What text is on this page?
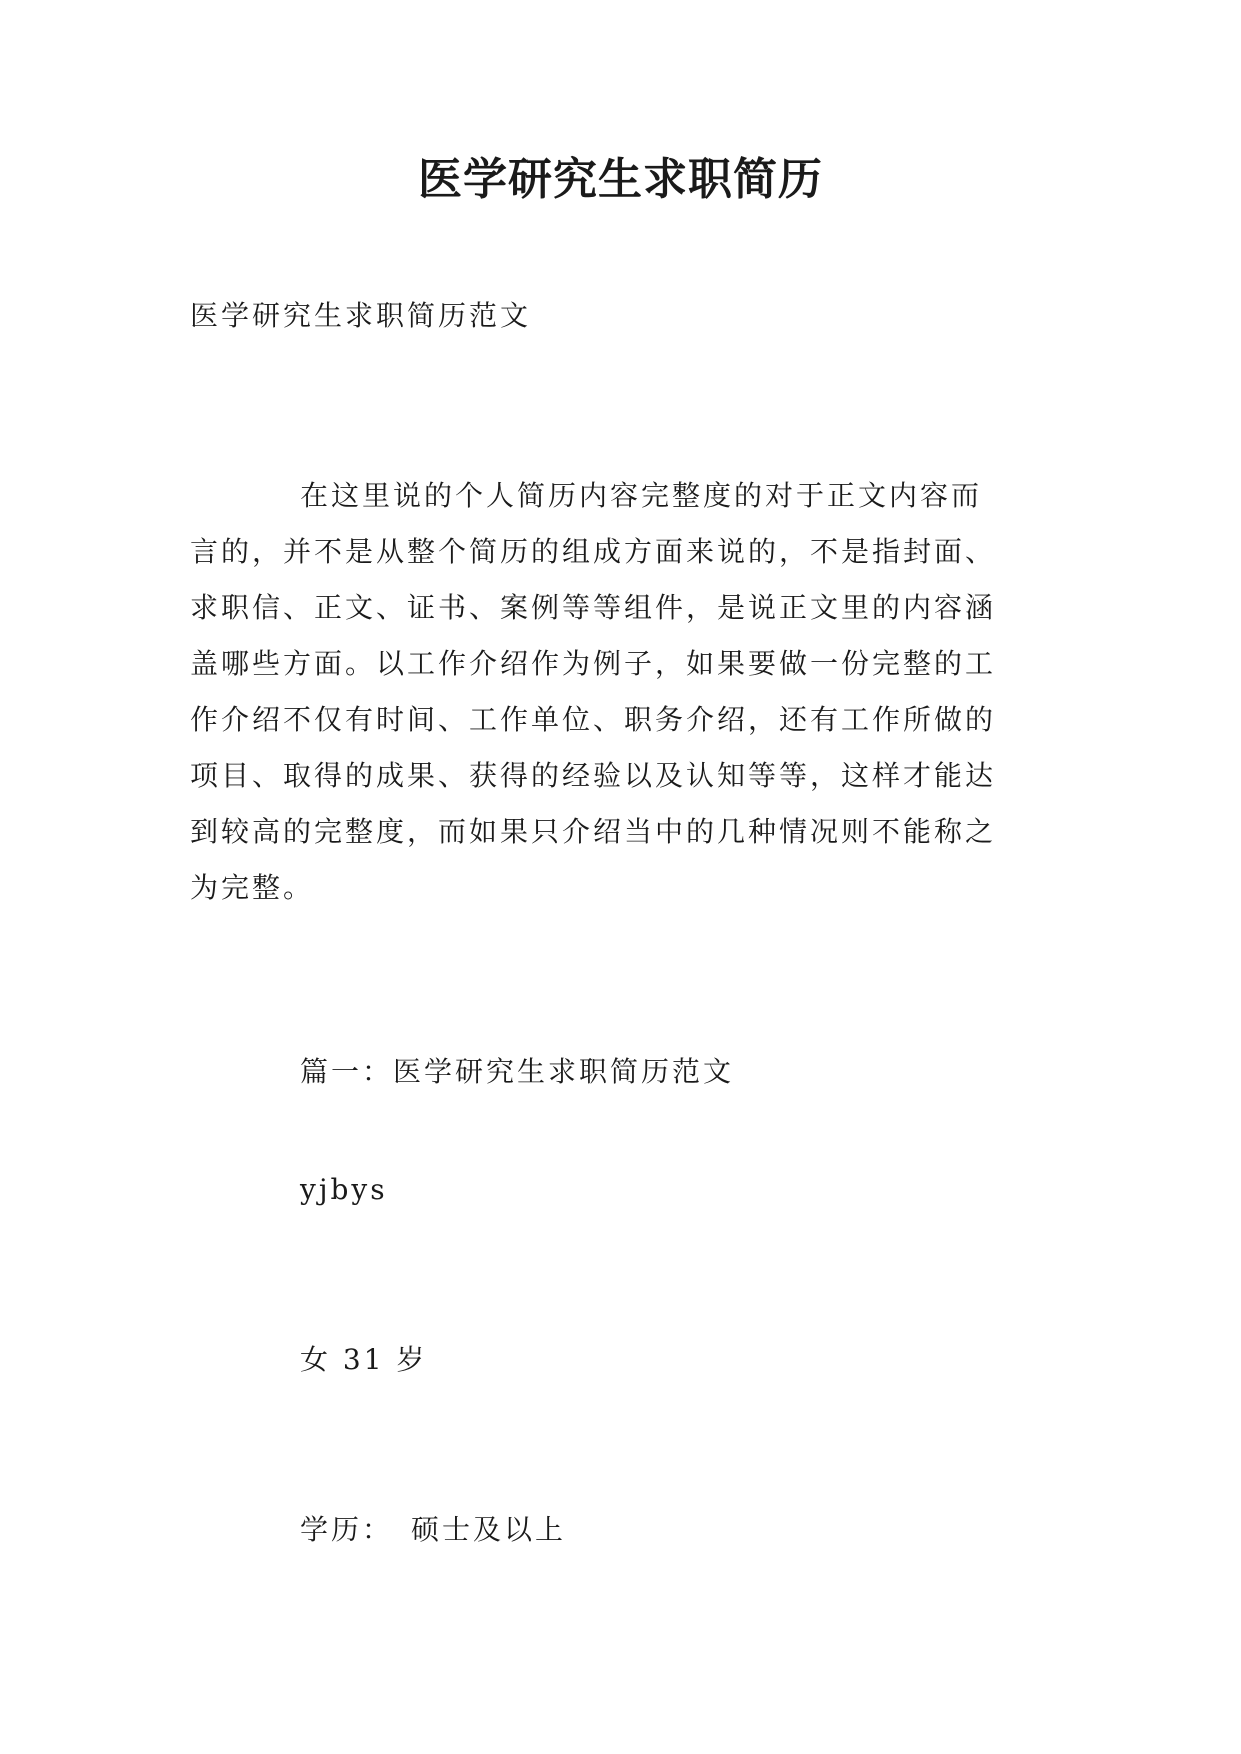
医学研究生求职简历

医学研究生求职简历范文

在这里说的个人简历内容完整度的对于正文内容而
言的，并不是从整个简历的组成方面来说的，不是指封面、
求职信、正文、证书、案例等等组件，是说正文里的内容涵
盖哪些方面。以工作介绍作为例子，如果要做一份完整的工
作介绍不仅有时间、工作单位、职务介绍，还有工作所做的
项目、取得的成果、获得的经验以及认知等等，这样才能达
到较高的完整度，而如果只介绍当中的几种情况则不能称之
为完整。

篇一：医学研究生求职简历范文

yjbys

女 31 岁

学历： 硕士及以上
